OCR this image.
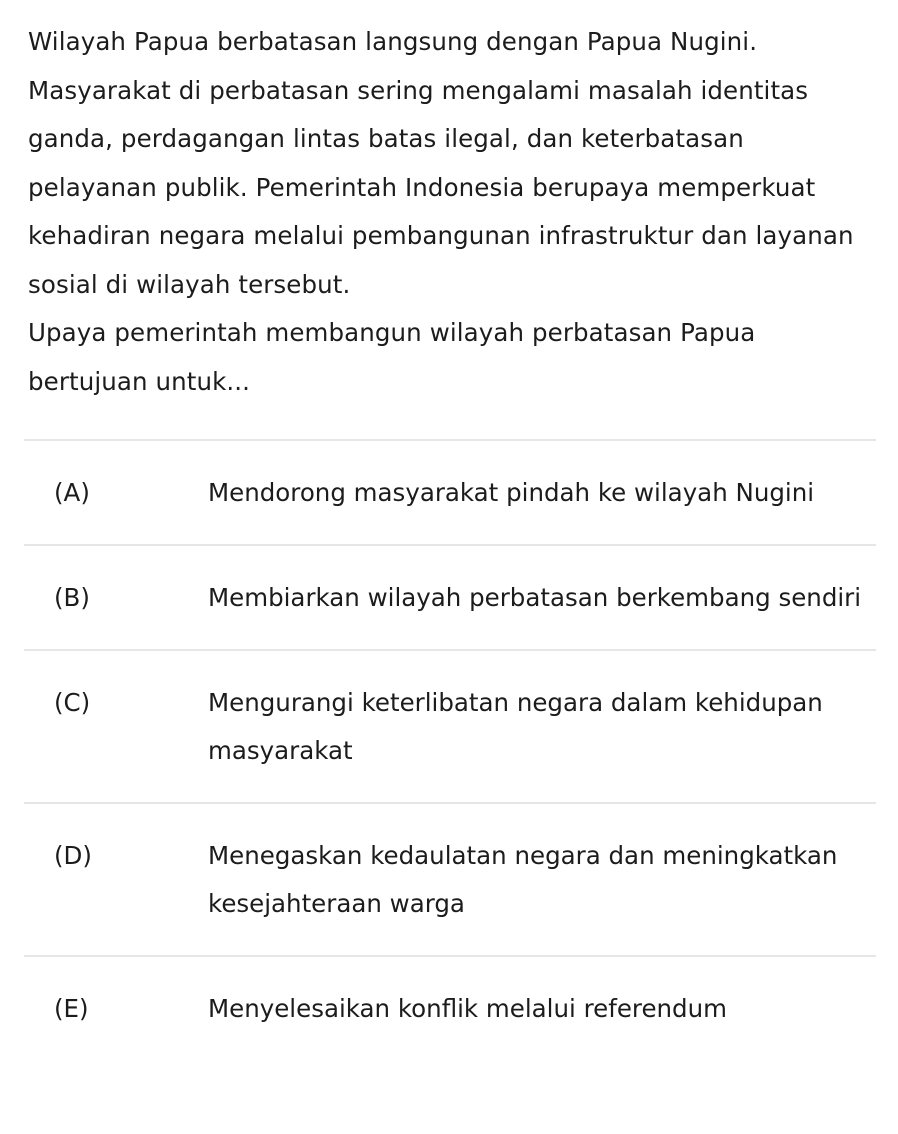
Wilayah Papua berbatasan langsung dengan Papua Nugini. Masyarakat di perbatasan sering mengalami masalah identitas ganda, perdagangan lintas batas ilegal, dan keterbatasan pelayanan publik. Pemerintah Indonesia berupaya memperkuat kehadiran negara melalui pembangunan infrastruktur dan layanan sosial di wilayah tersebut.

Upaya pemerintah membangun wilayah perbatasan Papua bertujuan untuk...

(A)	Mendorong masyarakat pindah ke wilayah Nugini
(B)	Membiarkan wilayah perbatasan berkembang sendiri
(C)	Mengurangi keterlibatan negara dalam kehidupan masyarakat
(D)	Menegaskan kedaulatan negara dan meningkatkan kesejahteraan warga
(E)	Menyelesaikan konflik melalui referendum
